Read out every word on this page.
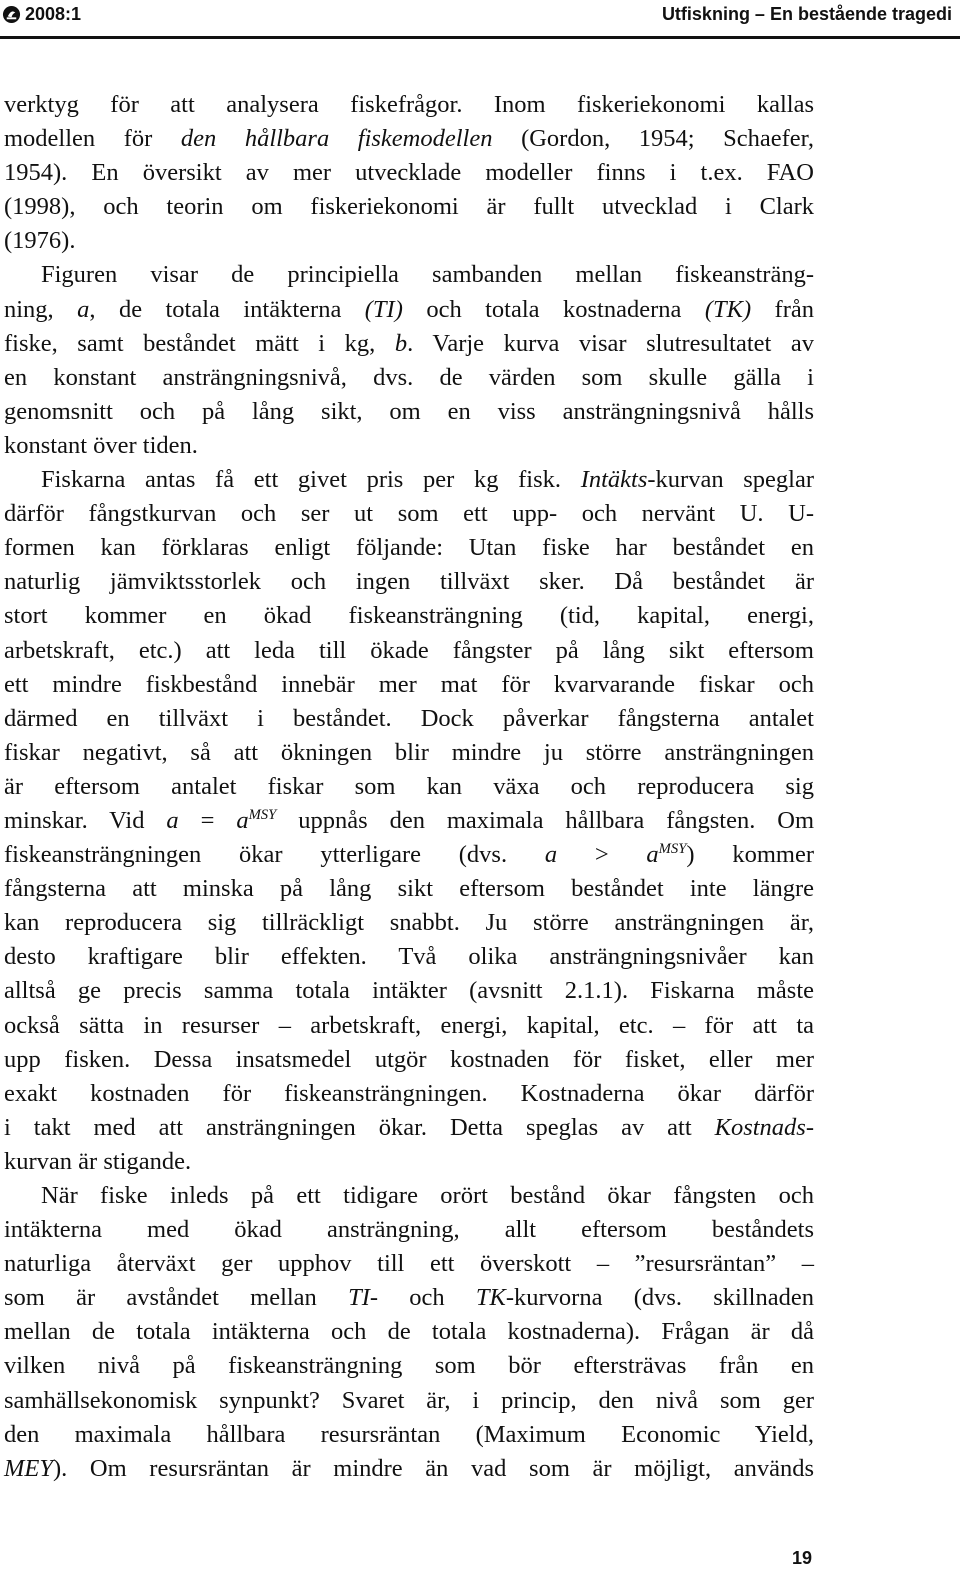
2008:1	Utfiskning – En bestående tragedi
verktyg för att analysera fiskefrågor. Inom fiskeriekonomi kallas
modellen för den hållbara fiskemodellen (Gordon, 1954; Schaefer,
1954). En översikt av mer utvecklade modeller finns i t.ex. FAO
(1998), och teorin om fiskeriekonomi är fullt utvecklad i Clark
(1976).
Figuren visar de principiella sambanden mellan fiskeansträng-
ning, a, de totala intäkterna (TI) och totala kostnaderna (TK) från
fiske, samt beståndet mätt i kg, b. Varje kurva visar slutresultatet av
en konstant ansträngningsnivå, dvs. de värden som skulle gälla i
genomsnitt och på lång sikt, om en viss ansträngningsnivå hålls
konstant över tiden.
Fiskarna antas få ett givet pris per kg fisk. Intäkts-kurvan speglar
därför fångstkurvan och ser ut som ett upp- och nervänt U. U-
formen kan förklaras enligt följande: Utan fiske har beståndet en
naturlig jämviktsstorlek och ingen tillväxt sker. Då beståndet är
stort kommer en ökad fiskeansträngning (tid, kapital, energi,
arbetskraft, etc.) att leda till ökade fångster på lång sikt eftersom
ett mindre fiskbestånd innebär mer mat för kvarvarande fiskar och
därmed en tillväxt i beståndet. Dock påverkar fångsterna antalet
fiskar negativt, så att ökningen blir mindre ju större ansträngningen
är eftersom antalet fiskar som kan växa och reproducera sig
minskar. Vid $a = a^{MSY}$ uppnås den maximala hållbara fångsten. Om
fiskeansträngningen ökar ytterligare (dvs. $a > a^{MSY}$) kommer
fångsterna att minska på lång sikt eftersom beståndet inte längre
kan reproducera sig tillräckligt snabbt. Ju större ansträngningen är,
desto kraftigare blir effekten. Två olika ansträngningsnivåer kan
alltså ge precis samma totala intäkter (avsnitt 2.1.1). Fiskarna måste
också sätta in resurser – arbetskraft, energi, kapital, etc. – för att ta
upp fisken. Dessa insatsmedel utgör kostnaden för fisket, eller mer
exakt kostnaden för fiskeansträngningen. Kostnaderna ökar därför
i takt med att ansträngningen ökar. Detta speglas av att Kostnads-
kurvan är stigande.
När fiske inleds på ett tidigare orört bestånd ökar fångsten och
intäkterna med ökad ansträngning, allt eftersom beståndets
naturliga återväxt ger upphov till ett överskott – ”resursräntan” –
som är avståndet mellan TI- och TK-kurvorna (dvs. skillnaden
mellan de totala intäkterna och de totala kostnaderna). Frågan är då
vilken nivå på fiskeansträngning som bör eftersträvas från en
samhällsekonomisk synpunkt? Svaret är, i princip, den nivå som ger
den maximala hållbara resursräntan (Maximum Economic Yield,
MEY). Om resursräntan är mindre än vad som är möjligt, används
19
